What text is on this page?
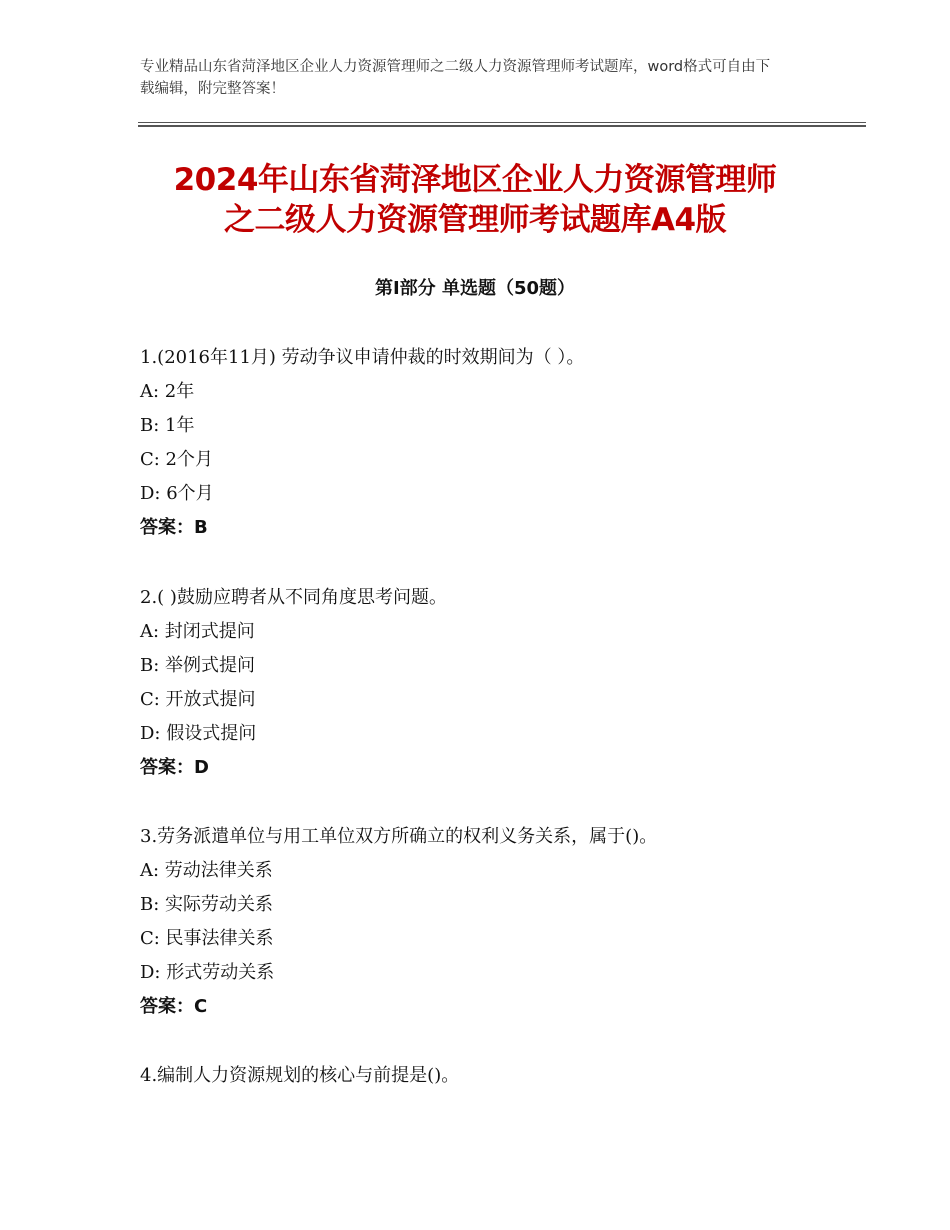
专业精品山东省菏泽地区企业人力资源管理师之二级人力资源管理师考试题库，word格式可自由下载编辑，附完整答案！
2024年山东省菏泽地区企业人力资源管理师
之二级人力资源管理师考试题库A4版
第I部分 单选题（50题）
1.(2016年11月) 劳动争议申请仲裁的时效期间为（ ）。
A: 2年
B: 1年
C: 2个月
D: 6个月
答案：B
2.( )鼓励应聘者从不同角度思考问题。
A: 封闭式提问
B: 举例式提问
C: 开放式提问
D: 假设式提问
答案：D
3.劳务派遣单位与用工单位双方所确立的权利义务关系，属于()。
A: 劳动法律关系
B: 实际劳动关系
C: 民事法律关系
D: 形式劳动关系
答案：C
4.编制人力资源规划的核心与前提是()。
